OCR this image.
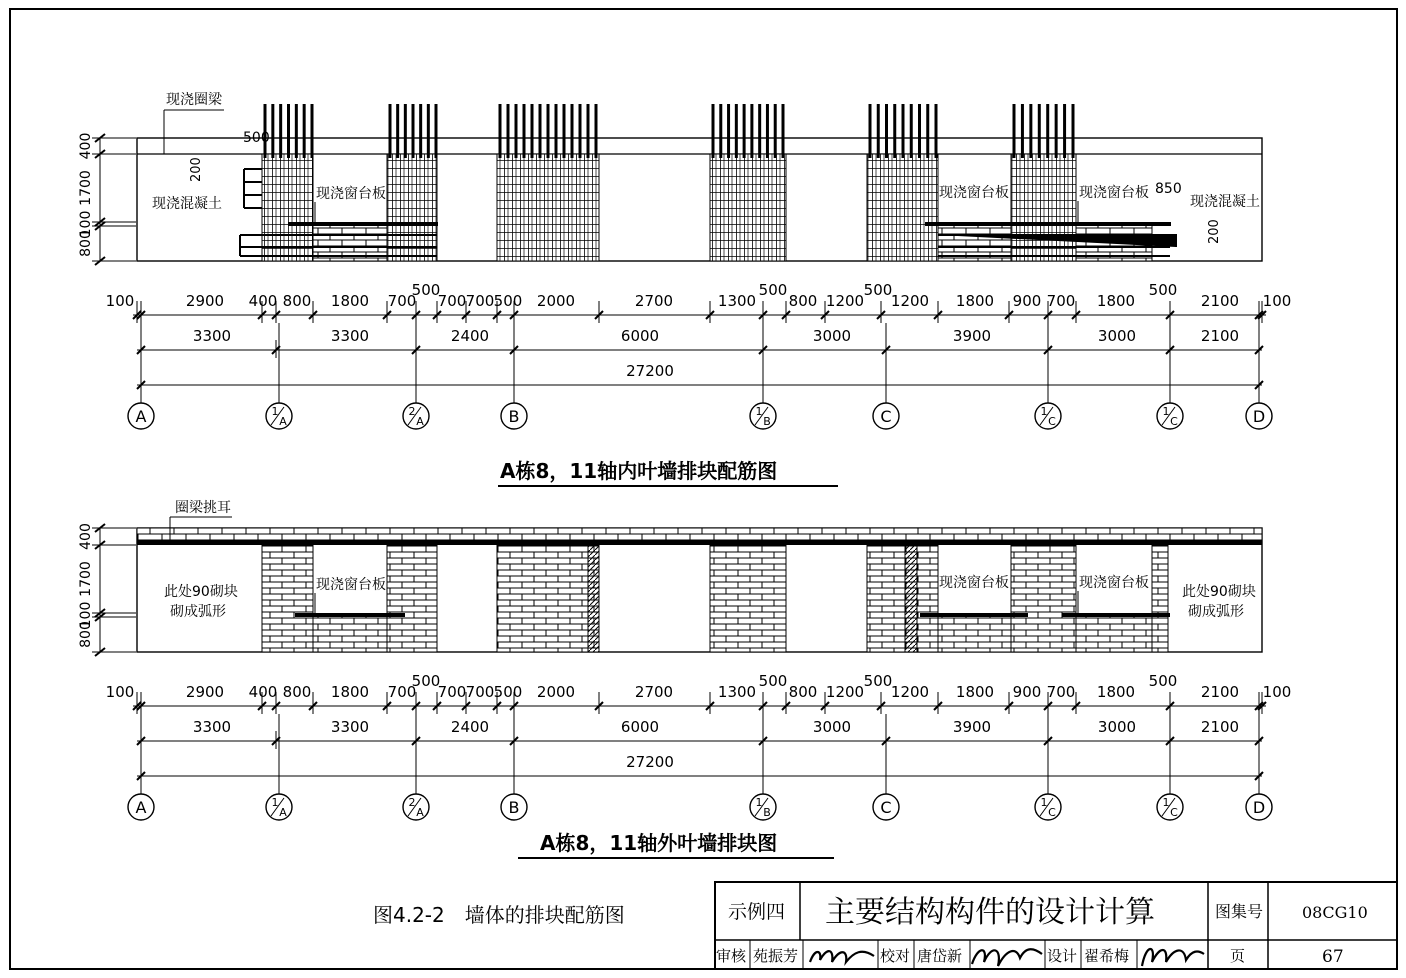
现浇圈梁
现浇混凝土
500
200
现浇窗台板	现浇窗台板	现浇窗台板 850
现浇混凝土
200
400
1700
100
800
A栋8，11轴内叶墙排块配筋图
圈梁挑耳
此处90砌块
砌成弧形
此处90砌块
砌成弧形
现浇窗台板	现浇窗台板	现浇窗台板
400
1700
100
800
A栋8，11轴外叶墙排块图
100	2900 400 800 1800 700 700 700 500 2000	2700	1300 800 1200 1200 1800 900 700 1800	2100 100
500	500	500	500
3300	3300	2400	6000	3000	3900	3000	2100
27200
A	1
A
2
A	B	1
B	C	1
C
1
C	D
100	2900 400 800 1800 700 700 700 500 2000	2700	1300 800 1200 1200 1800 900 700 1800	2100 100
500	500	500	500
3300	3300	2400	6000	3000	3900	3000	2100
27200
A	1
A
2
A	B	1
B	C	1
C
1
C	D
图4.2-2　墙体的排块配筋图	示例四 主要结构构件的设计计算	图集号 08CG10
审核 苑振芳	校对 唐岱新	设计 翟希梅	页	67
